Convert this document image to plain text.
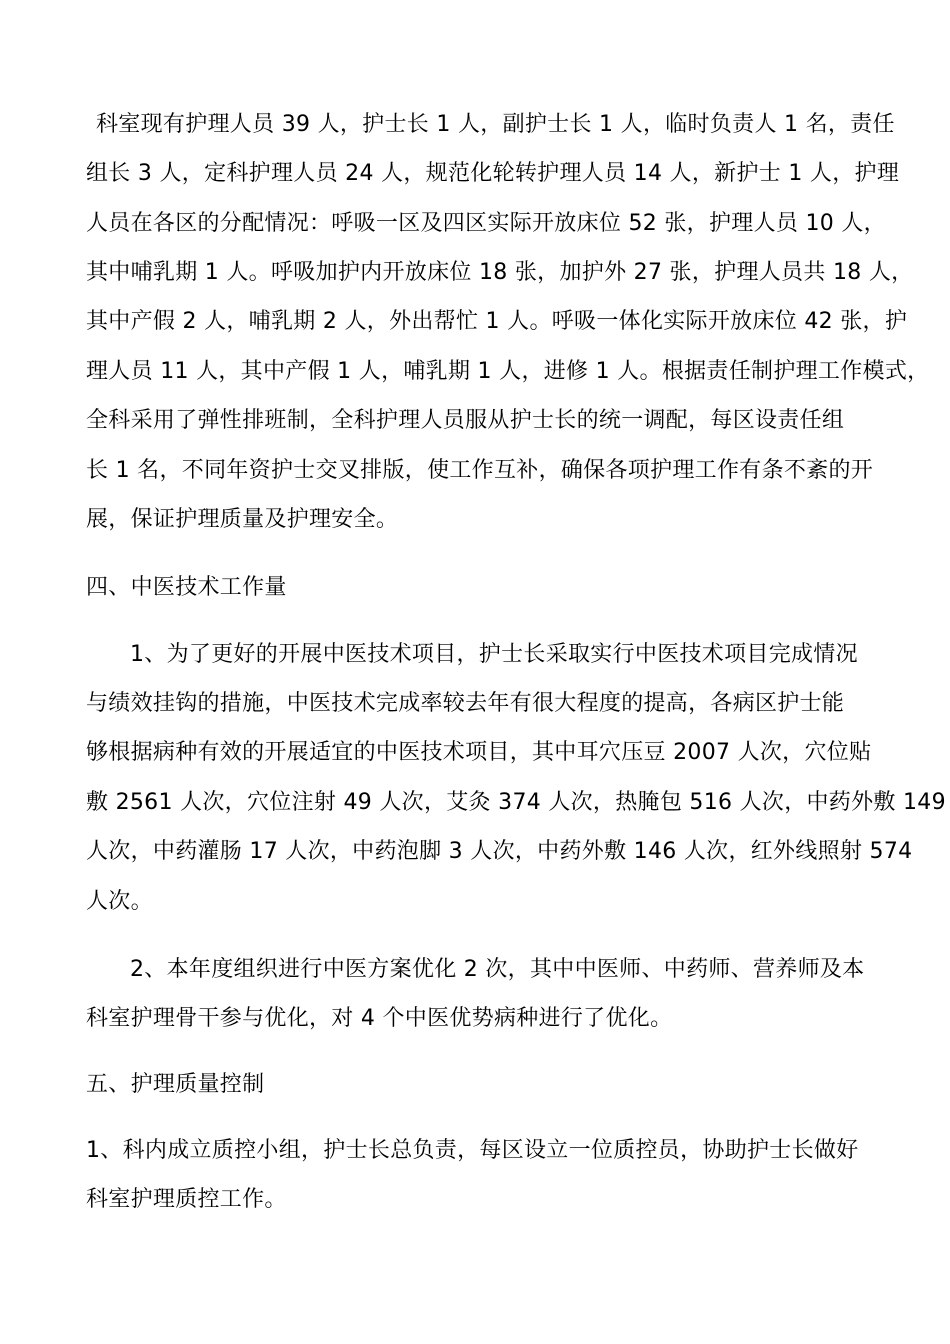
科室现有护理人员 39 人，护士长 1 人，副护士长 1 人，临时负责人 1 名，责任

组长 3 人，定科护理人员 24 人，规范化轮转护理人员 14 人，新护士 1 人，护理

人员在各区的分配情况：呼吸一区及四区实际开放床位 52 张，护理人员 10 人，

其中哺乳期 1 人。呼吸加护内开放床位 18 张，加护外 27 张，护理人员共 18 人，

其中产假 2 人，哺乳期 2 人，外出帮忙 1 人。呼吸一体化实际开放床位 42 张，护

理人员 11 人，其中产假 1 人，哺乳期 1 人，进修 1 人。根据责任制护理工作模式，

全科采用了弹性排班制，全科护理人员服从护士长的统一调配，每区设责任组

长 1 名，不同年资护士交叉排版，使工作互补，确保各项护理工作有条不紊的开

展，保证护理质量及护理安全。

四、中医技术工作量

1、为了更好的开展中医技术项目，护士长采取实行中医技术项目完成情况

与绩效挂钩的措施，中医技术完成率较去年有很大程度的提高，各病区护士能

够根据病种有效的开展适宜的中医技术项目，其中耳穴压豆 2007 人次，穴位贴

敷 2561 人次，穴位注射 49 人次，艾灸 374 人次，热腌包 516 人次，中药外敷 149

人次，中药灌肠 17 人次，中药泡脚 3 人次，中药外敷 146 人次，红外线照射 574

人次。

2、本年度组织进行中医方案优化 2 次，其中中医师、中药师、营养师及本

科室护理骨干参与优化，对 4 个中医优势病种进行了优化。

五、护理质量控制

1、科内成立质控小组，护士长总负责，每区设立一位质控员，协助护士长做好

科室护理质控工作。
